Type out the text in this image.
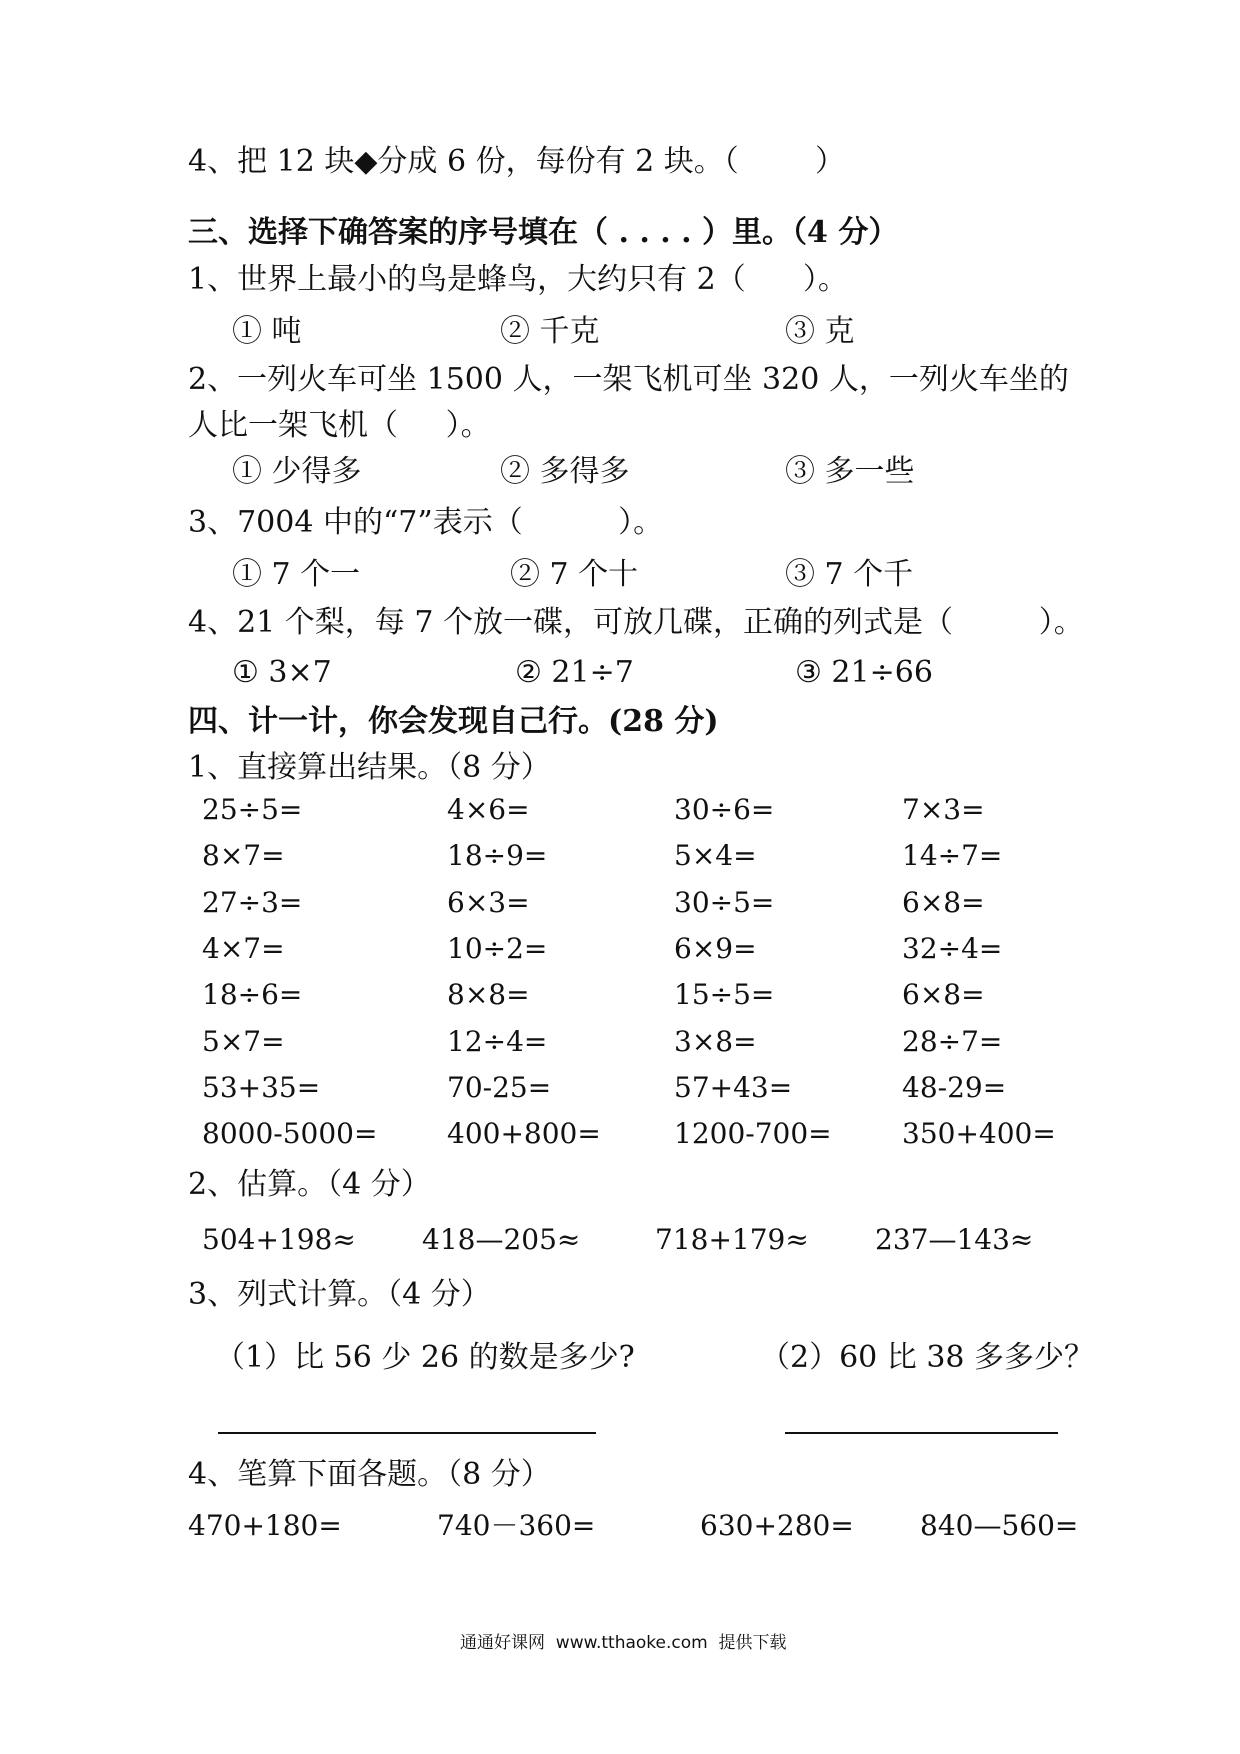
4、把 12 块◆分成 6 份，每份有 2 块。（        ）
三、选择下确答案的序号填在（ . . . . ）里。（4 分）
1、世界上最小的鸟是蜂鸟，大约只有 2（      ）。
① 吨	② 千克	③ 克
2、一列火车可坐 1500 人，一架飞机可坐 320 人，一列火车坐的
人比一架飞机（     ）。
① 少得多	② 多得多	③ 多一些
3、7004 中的“7”表示（          ）。
① 7 个一	② 7 个十	③ 7 个千
4、21 个梨，每 7 个放一碟，可放几碟，正确的列式是（         ）。
① 3×7	② 21÷7	③ 21÷66
四、计一计，你会发现自己行。(28 分)
1、直接算出结果。（8 分）
25÷5=	4×6=	30÷6=	7×3=
8×7=	18÷9=	5×4=	14÷7=
27÷3=	6×3=	30÷5=	6×8=
4×7=	10÷2=	6×9=	32÷4=
18÷6=	8×8=	15÷5=	6×8=
5×7=	12÷4=	3×8=	28÷7=
53+35=	70-25=	57+43=	48-29=
8000-5000= 400+800=	1200-700=	350+400=
2、估算。（4 分）
504+198≈ 418—205≈	718+179≈ 237—143≈
3、列式计算。（4 分）
（1）比 56 少 26 的数是多少?	（2）60 比 38 多多少？
4、笔算下面各题。（8 分）
470+180=	740－360=	630+280= 840—560=
通通好课网  www.tthaoke.com  提供下载
